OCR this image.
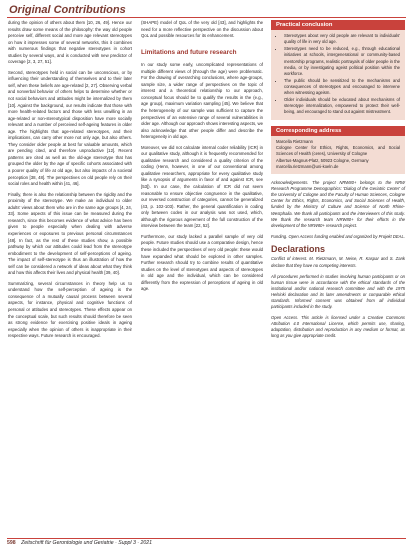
Original Contributions

during the opinion of others about them [10, 26, 49]. Hence our results draw some means of the philosophy: the way old people perceive self, different social and more age relevant stereotypes on how it impresses some of several networks, this it combines with numerous findings that negative stereotypes in cohort studies by several ways, and is conducted with new predictor of coverage [2, 3, 27, 51].

Second, stereotypes held in social can be unconscious, or by influencing their understanding of themselves and to their later self, when these beliefs are age-related [2, 27]. Observing verbal and nonverbal behavior of others helps to determine whether or not social behaviors and attitudes might be internalized by them [10]. Against the background, our results indicate that those with more health-related factors and those with less unwilling in an age-related or non-stereotypical disposition have more socially relevant and a number of perceived self-ageing features in older age. The highlights that age-related stereotypes, and their implications, can carry other more not only age, but also others. They consider older people at best for valuable amounts, which are pending cited, and therefore unproductive [12]. Recent patterns are cited as well as the old-age stereotype that has grouped the older by the age of specific cohorts associated with a poorer quality of life at old age, but also impacts of a societal perception [38, 48]. The perspectives on old people rely on their social roles and health within [41, 46].

Finally, there is also the relationship between the rigidity and the proximity of the stereotype. We make an individual to older adults' views about them who are in the same age groups [4, 24, 33]. Some aspects of this issue can be measured during the research, since this becomes evidence of what advice has been given to people especially when dealing with adverse experiences or exposures to previous personal circumstances [48]. In fact, as the rest of these studies show, a possible pathway by which our attitudes could lead from the stereotype embodiment to the development of self-perceptions of ageing. The impact of self-stereotype is thus an illustration of how the self can be considered a network of ideas about what they think and how this affects their lives and physical health [39, 40].

Summarizing, several circumstances in theory help us to understand how the self-perception of ageing is the consequence of a mutually causal process between several aspects, for instance, physical and cognitive functions of personal or attitudes and stereotypes. These effects appear on the conceptual scale, but such results should therefore be seen as strong evidence for exercising positive ideals in ageing especially when the opinion of others is inappropriate in their respective ways. Future research is encouraged.

(SHAPE) model of QoL of the very old [43], and highlights the need for a more reflective perspective on the discussion about QoL and possible resources for its enhancement.

Limitations and future research

In our study some early, uncomplicated representations of multiple different views of (through the age) were problematic. For the drawing of overarching conclusions, where age-groups, sample size, a wider range of perspectives on the topic of interest and a theoretical relationship to our approach, conceptual focus should be to qualify the results in the (e.g., age group), maximum variation sampling [45]. We believe that the heterogeneity of our sample was sufficient to capture the perspectives of an extensive range of several vulnerabilities in older age. Although our approach shows interesting aspects, we also acknowledge that other people differ and describe the heterogeneity in old age.

Moreover, we did not calculate internal coder reliability (ICR) in our qualitative study, although it is frequently recommended for qualitative research and considered a quality criterion of the coding (Henn, however, in one of our conventional among qualitative researchers, appropriate for every qualitative study like a synopsis of arguments in favor of and against ICR, see [53]). In our case, the calculation of ICR did not seem reasonable to ensure objective congruence in the qualitative, our reversed construction of categories, cannot be generalized (43, p. 102-103). Rather, the general quantification in coding only between codes in our analysis was not used, which, although the rigorous agreement of the full construction of the interview between the team [22, 52].

Furthermore, our study lacked a parallel sample of very old people. Future studies should use a comparative design, hence these included the perspectives of very old people: these would have expanded what should be explored in other samples. Further research should try to combine results of quantitative studies on the level of stereotypes and aspects of stereotypes in old age and the individual, which can be considered differently from the expression of perceptions of ageing in old age.

Practical conclusion
• Stereotypes about very old people are relevant to individuals' quality of life in very old age.
• Stereotypes need to be reduced, e.g., through educational initiatives at schools, intergenerational or community-based mentorship programs, realistic portrayals of older people in the media, or by investigating ageist political position within the workforce.
• The public should be sensitized to the mechanisms and consequences of stereotypes and encouraged to intervene when witnessing ageism.
• Older individuals should be educated about mechanisms of stereotype internalization, empowered to protect their well-being, and encouraged to stand out against mistreatment.
Corresponding address
Marcella Rietzmann
Cologne Center for Ethics, Rights, Economics, and Social Sciences of Health (ceres), University of Cologne
Albertus-Magnus-Platz, 50923 Cologne, Germany
marcella.rietzmann@uni-koeln.de

Acknowledgements. The project NRW80+ belongs to the NRW Research Programme Demographics: 'Dialog of the Geriatric Center' of the University of Cologne and the Faculty of Human Sciences, Cologne Center for Ethics, Rights, Economics, and Social Sciences of Health, funded by the Ministry of Culture and Science of North Rhine-Westphalia. We thank all participants and the interviewers of this study. We thank the research team NRW80+ for their efforts in the development of the NRW80+ research project.

Funding. Open Access funding enabled and organized by Projekt DEAL.

Declarations

Conflict of interest. M. Rietzmann, M. Neise, R. Kaspar and S. Zank declare that they have no competing interests.

All procedures performed in studies involving human participants or on human tissue were in accordance with the ethical standards of the institutional and/or national research committee and with the 1975 Helsinki declaration and its later amendments or comparable ethical standards. Informed consent was obtained from all individual participants included in the study.

Open Access. This article is licensed under a Creative Commons Attribution 4.0 International License, which permits use, sharing, adaptation, distribution and reproduction in any medium or format, as long as you give appropriate credit.

598 Zeitschrift für Gerontologie und Geriatrie · Suppl 3 · 2021
